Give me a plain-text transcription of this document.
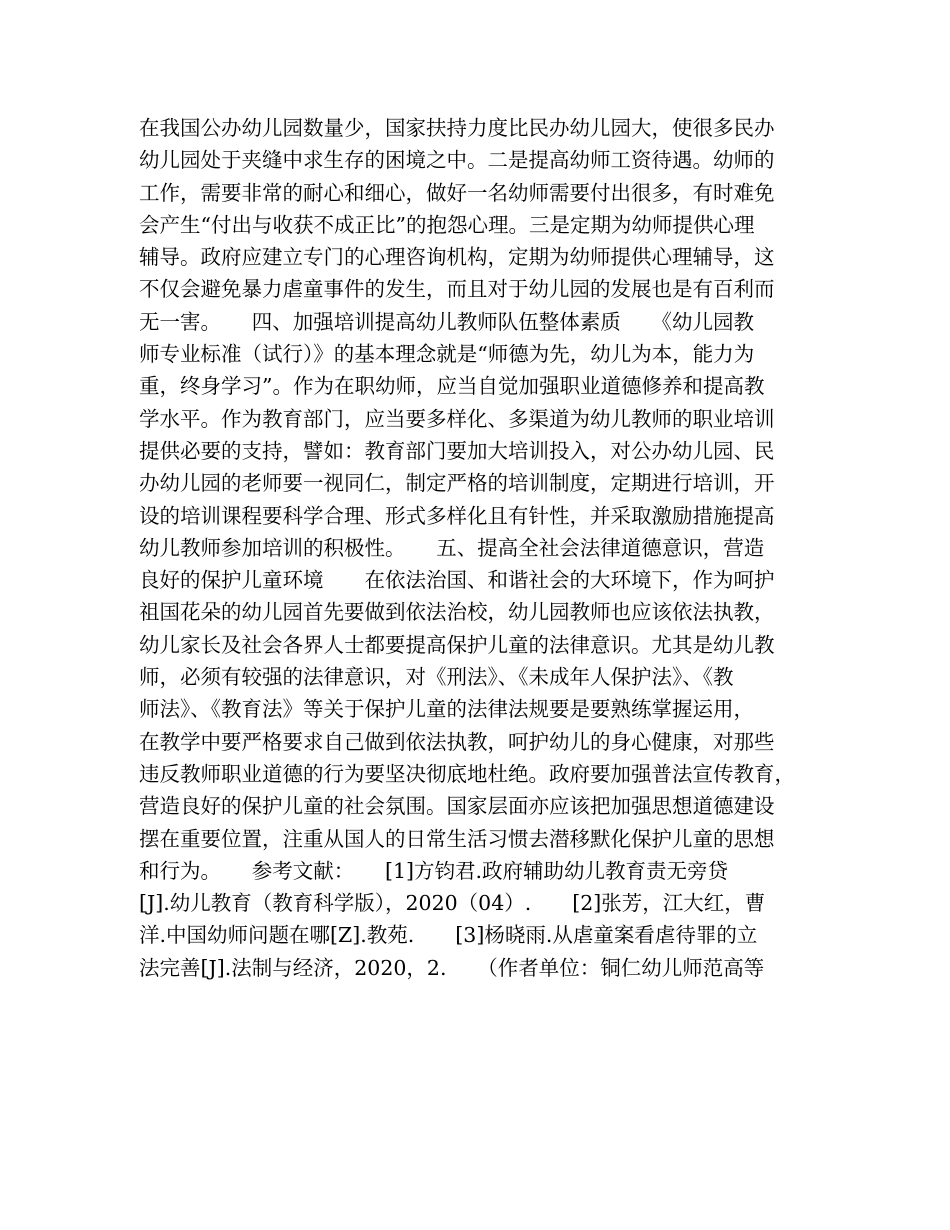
在我国公办幼儿园数量少，国家扶持力度比民办幼儿园大，使很多民办
幼儿园处于夹缝中求生存的困境之中。二是提高幼师工资待遇。幼师的
工作，需要非常的耐心和细心，做好一名幼师需要付出很多，有时难免
会产生“付出与收获不成正比”的抱怨心理。三是定期为幼师提供心理
辅导。政府应建立专门的心理咨询机构，定期为幼师提供心理辅导，这
不仅会避免暴力虐童事件的发生，而且对于幼儿园的发展也是有百利而
无一害。　　四、加强培训提高幼儿教师队伍整体素质　　《幼儿园教
师专业标准（试行）》的基本理念就是“师德为先，幼儿为本，能力为
重，终身学习”。作为在职幼师，应当自觉加强职业道德修养和提高教
学水平。作为教育部门，应当要多样化、多渠道为幼儿教师的职业培训
提供必要的支持，譬如：教育部门要加大培训投入，对公办幼儿园、民
办幼儿园的老师要一视同仁，制定严格的培训制度，定期进行培训，开
设的培训课程要科学合理、形式多样化且有针性，并采取激励措施提高
幼儿教师参加培训的积极性。　　五、提高全社会法律道德意识，营造
良好的保护儿童环境　　在依法治国、和谐社会的大环境下，作为呵护
祖国花朵的幼儿园首先要做到依法治校，幼儿园教师也应该依法执教，
幼儿家长及社会各界人士都要提高保护儿童的法律意识。尤其是幼儿教
师，必须有较强的法律意识，对《刑法》、《未成年人保护法》、《教
师法》、《教育法》等关于保护儿童的法律法规要是要熟练掌握运用，
在教学中要严格要求自己做到依法执教，呵护幼儿的身心健康，对那些
违反教师职业道德的行为要坚决彻底地杜绝。政府要加强普法宣传教育，
营造良好的保护儿童的社会氛围。国家层面亦应该把加强思想道德建设
摆在重要位置，注重从国人的日常生活习惯去潜移默化保护儿童的思想
和行为。　　参考文献：　　[1]方钧君.政府辅助幼儿教育责无旁贷
[J].幼儿教育（教育科学版），2020（04）.　　[2]张芳，江大红，曹
洋.中国幼师问题在哪[Z].教苑.　　[3]杨晓雨.从虐童案看虐待罪的立
法完善[J].法制与经济，2020，2.　　（作者单位：铜仁幼儿师范高等
